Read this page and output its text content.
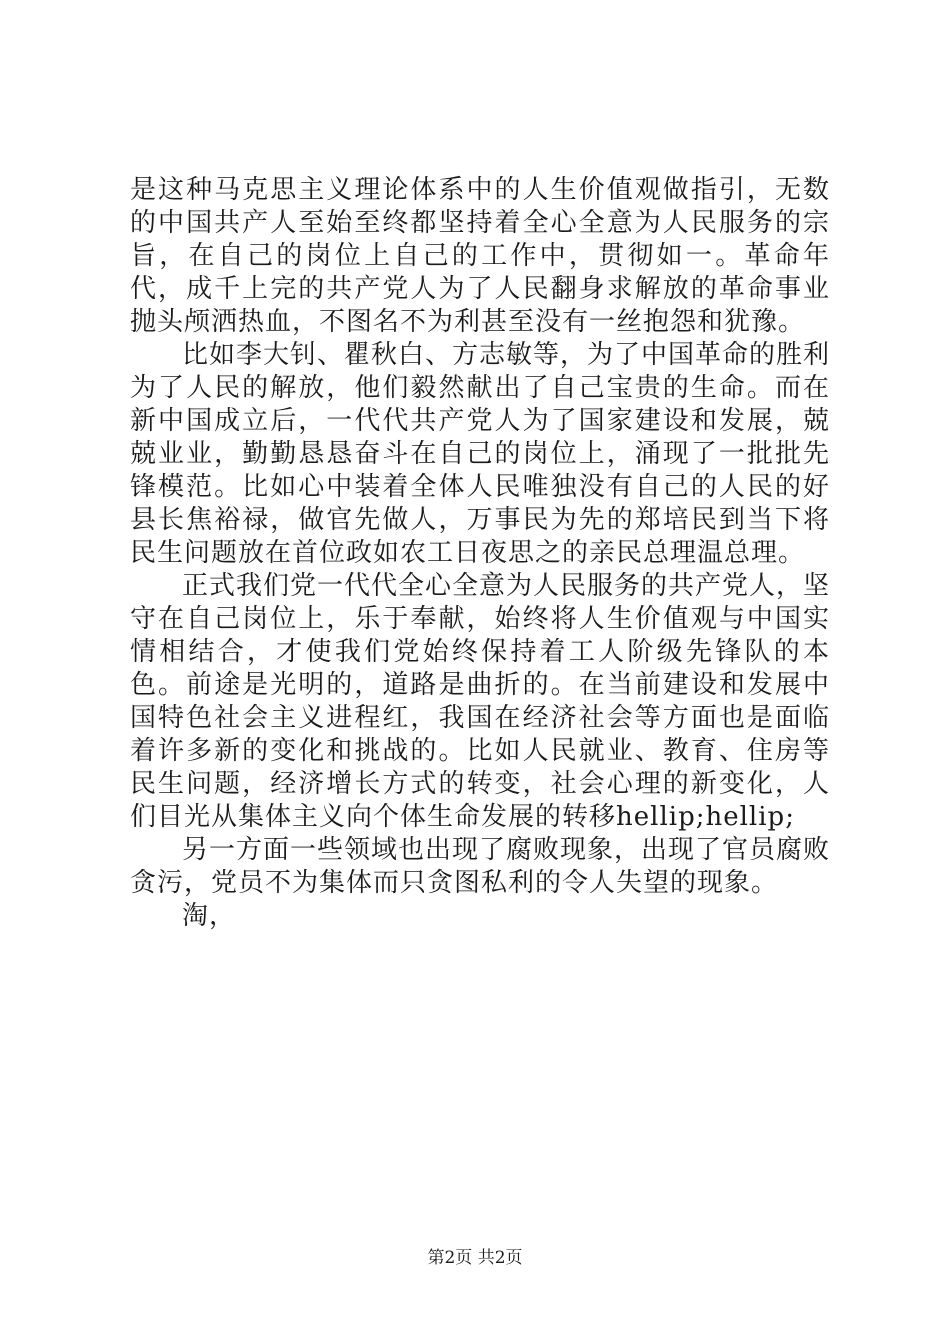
是这种马克思主义理论体系中的人生价值观做指引，无数的中国共产人至始至终都坚持着全心全意为人民服务的宗旨，在自己的岗位上自己的工作中，贯彻如一。革命年代，成千上完的共产党人为了人民翻身求解放的革命事业抛头颅洒热血，不图名不为利甚至没有一丝抱怨和犹豫。

比如李大钊、瞿秋白、方志敏等，为了中国革命的胜利为了人民的解放，他们毅然献出了自己宝贵的生命。而在新中国成立后，一代代共产党人为了国家建设和发展，兢兢业业，勤勤恳恳奋斗在自己的岗位上，涌现了一批批先锋模范。比如心中装着全体人民唯独没有自己的人民的好县长焦裕禄，做官先做人，万事民为先的郑培民到当下将民生问题放在首位政如农工日夜思之的亲民总理温总理。

正式我们党一代代全心全意为人民服务的共产党人，坚守在自己岗位上，乐于奉献，始终将人生价值观与中国实情相结合，才使我们党始终保持着工人阶级先锋队的本色。前途是光明的，道路是曲折的。在当前建设和发展中国特色社会主义进程红，我国在经济社会等方面也是面临着许多新的变化和挑战的。比如人民就业、教育、住房等民生问题，经济增长方式的转变，社会心理的新变化，人们目光从集体主义向个体生命发展的转移hellip;hellip;

另一方面一些领域也出现了腐败现象，出现了官员腐败贪污，党员不为集体而只贪图私利的令人失望的现象。

淘，

第2页 共2页
